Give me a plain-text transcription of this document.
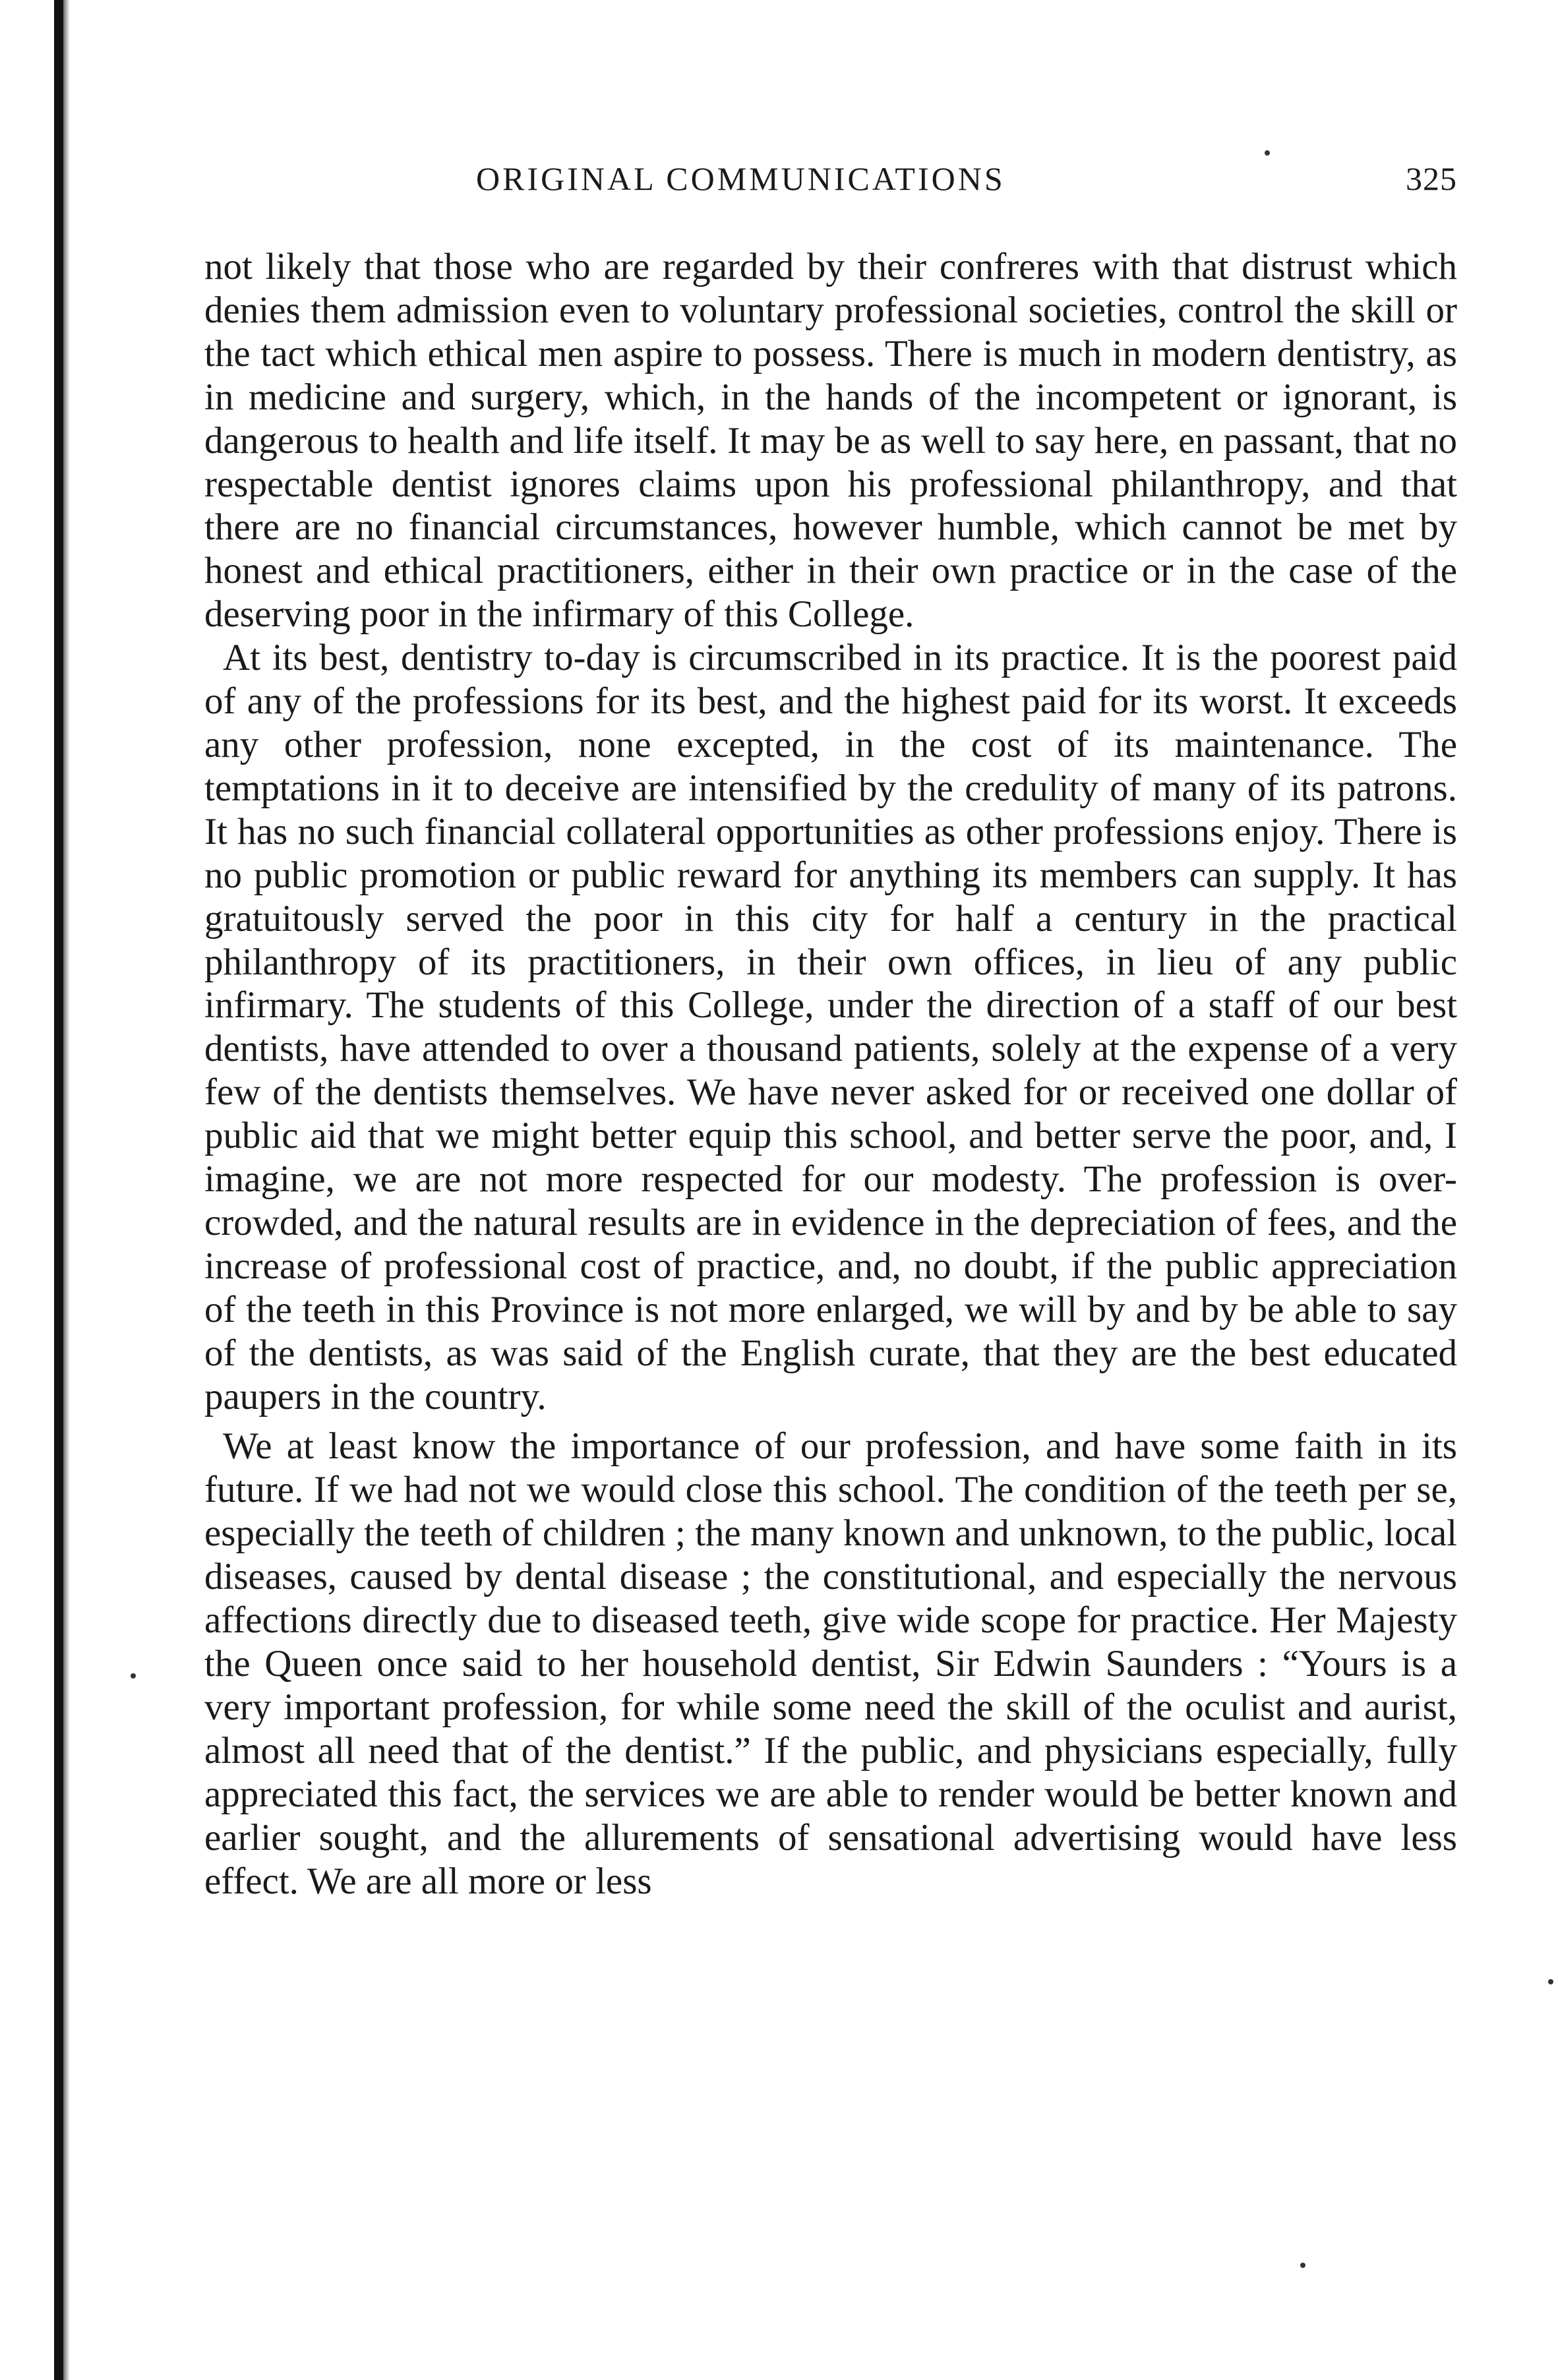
ORIGINAL COMMUNICATIONS	325

not likely that those who are regarded by their confreres with that distrust which denies them admission even to voluntary professional societies, control the skill or the tact which ethical men aspire to possess. There is much in modern dentistry, as in medicine and surgery, which, in the hands of the incompetent or ignorant, is dangerous to health and life itself. It may be as well to say here, en passant, that no respectable dentist ignores claims upon his professional philanthropy, and that there are no financial circumstances, however humble, which cannot be met by honest and ethical practitioners, either in their own practice or in the case of the deserving poor in the infirmary of this College.

At its best, dentistry to-day is circumscribed in its practice. It is the poorest paid of any of the professions for its best, and the highest paid for its worst. It exceeds any other profession, none excepted, in the cost of its maintenance. The temptations in it to deceive are intensified by the credulity of many of its patrons. It has no such financial collateral opportunities as other professions enjoy. There is no public promotion or public reward for anything its members can supply. It has gratuitously served the poor in this city for half a century in the practical philanthropy of its practitioners, in their own offices, in lieu of any public infirmary. The students of this College, under the direction of a staff of our best dentists, have attended to over a thousand patients, solely at the expense of a very few of the dentists themselves. We have never asked for or received one dollar of public aid that we might better equip this school, and better serve the poor, and, I imagine, we are not more respected for our modesty. The profession is over-crowded, and the natural results are in evidence in the depreciation of fees, and the increase of professional cost of practice, and, no doubt, if the public appreciation of the teeth in this Province is not more enlarged, we will by and by be able to say of the dentists, as was said of the English curate, that they are the best educated paupers in the country.

We at least know the importance of our profession, and have some faith in its future. If we had not we would close this school. The condition of the teeth per se, especially the teeth of children ; the many known and unknown, to the public, local diseases, caused by dental disease ; the constitutional, and especially the nervous affections directly due to diseased teeth, give wide scope for practice. Her Majesty the Queen once said to her household dentist, Sir Edwin Saunders : “Yours is a very important profession, for while some need the skill of the oculist and aurist, almost all need that of the dentist.” If the public, and physicians especially, fully appreciated this fact, the services we are able to render would be better known and earlier sought, and the allurements of sensational advertising would have less effect. We are all more or less
